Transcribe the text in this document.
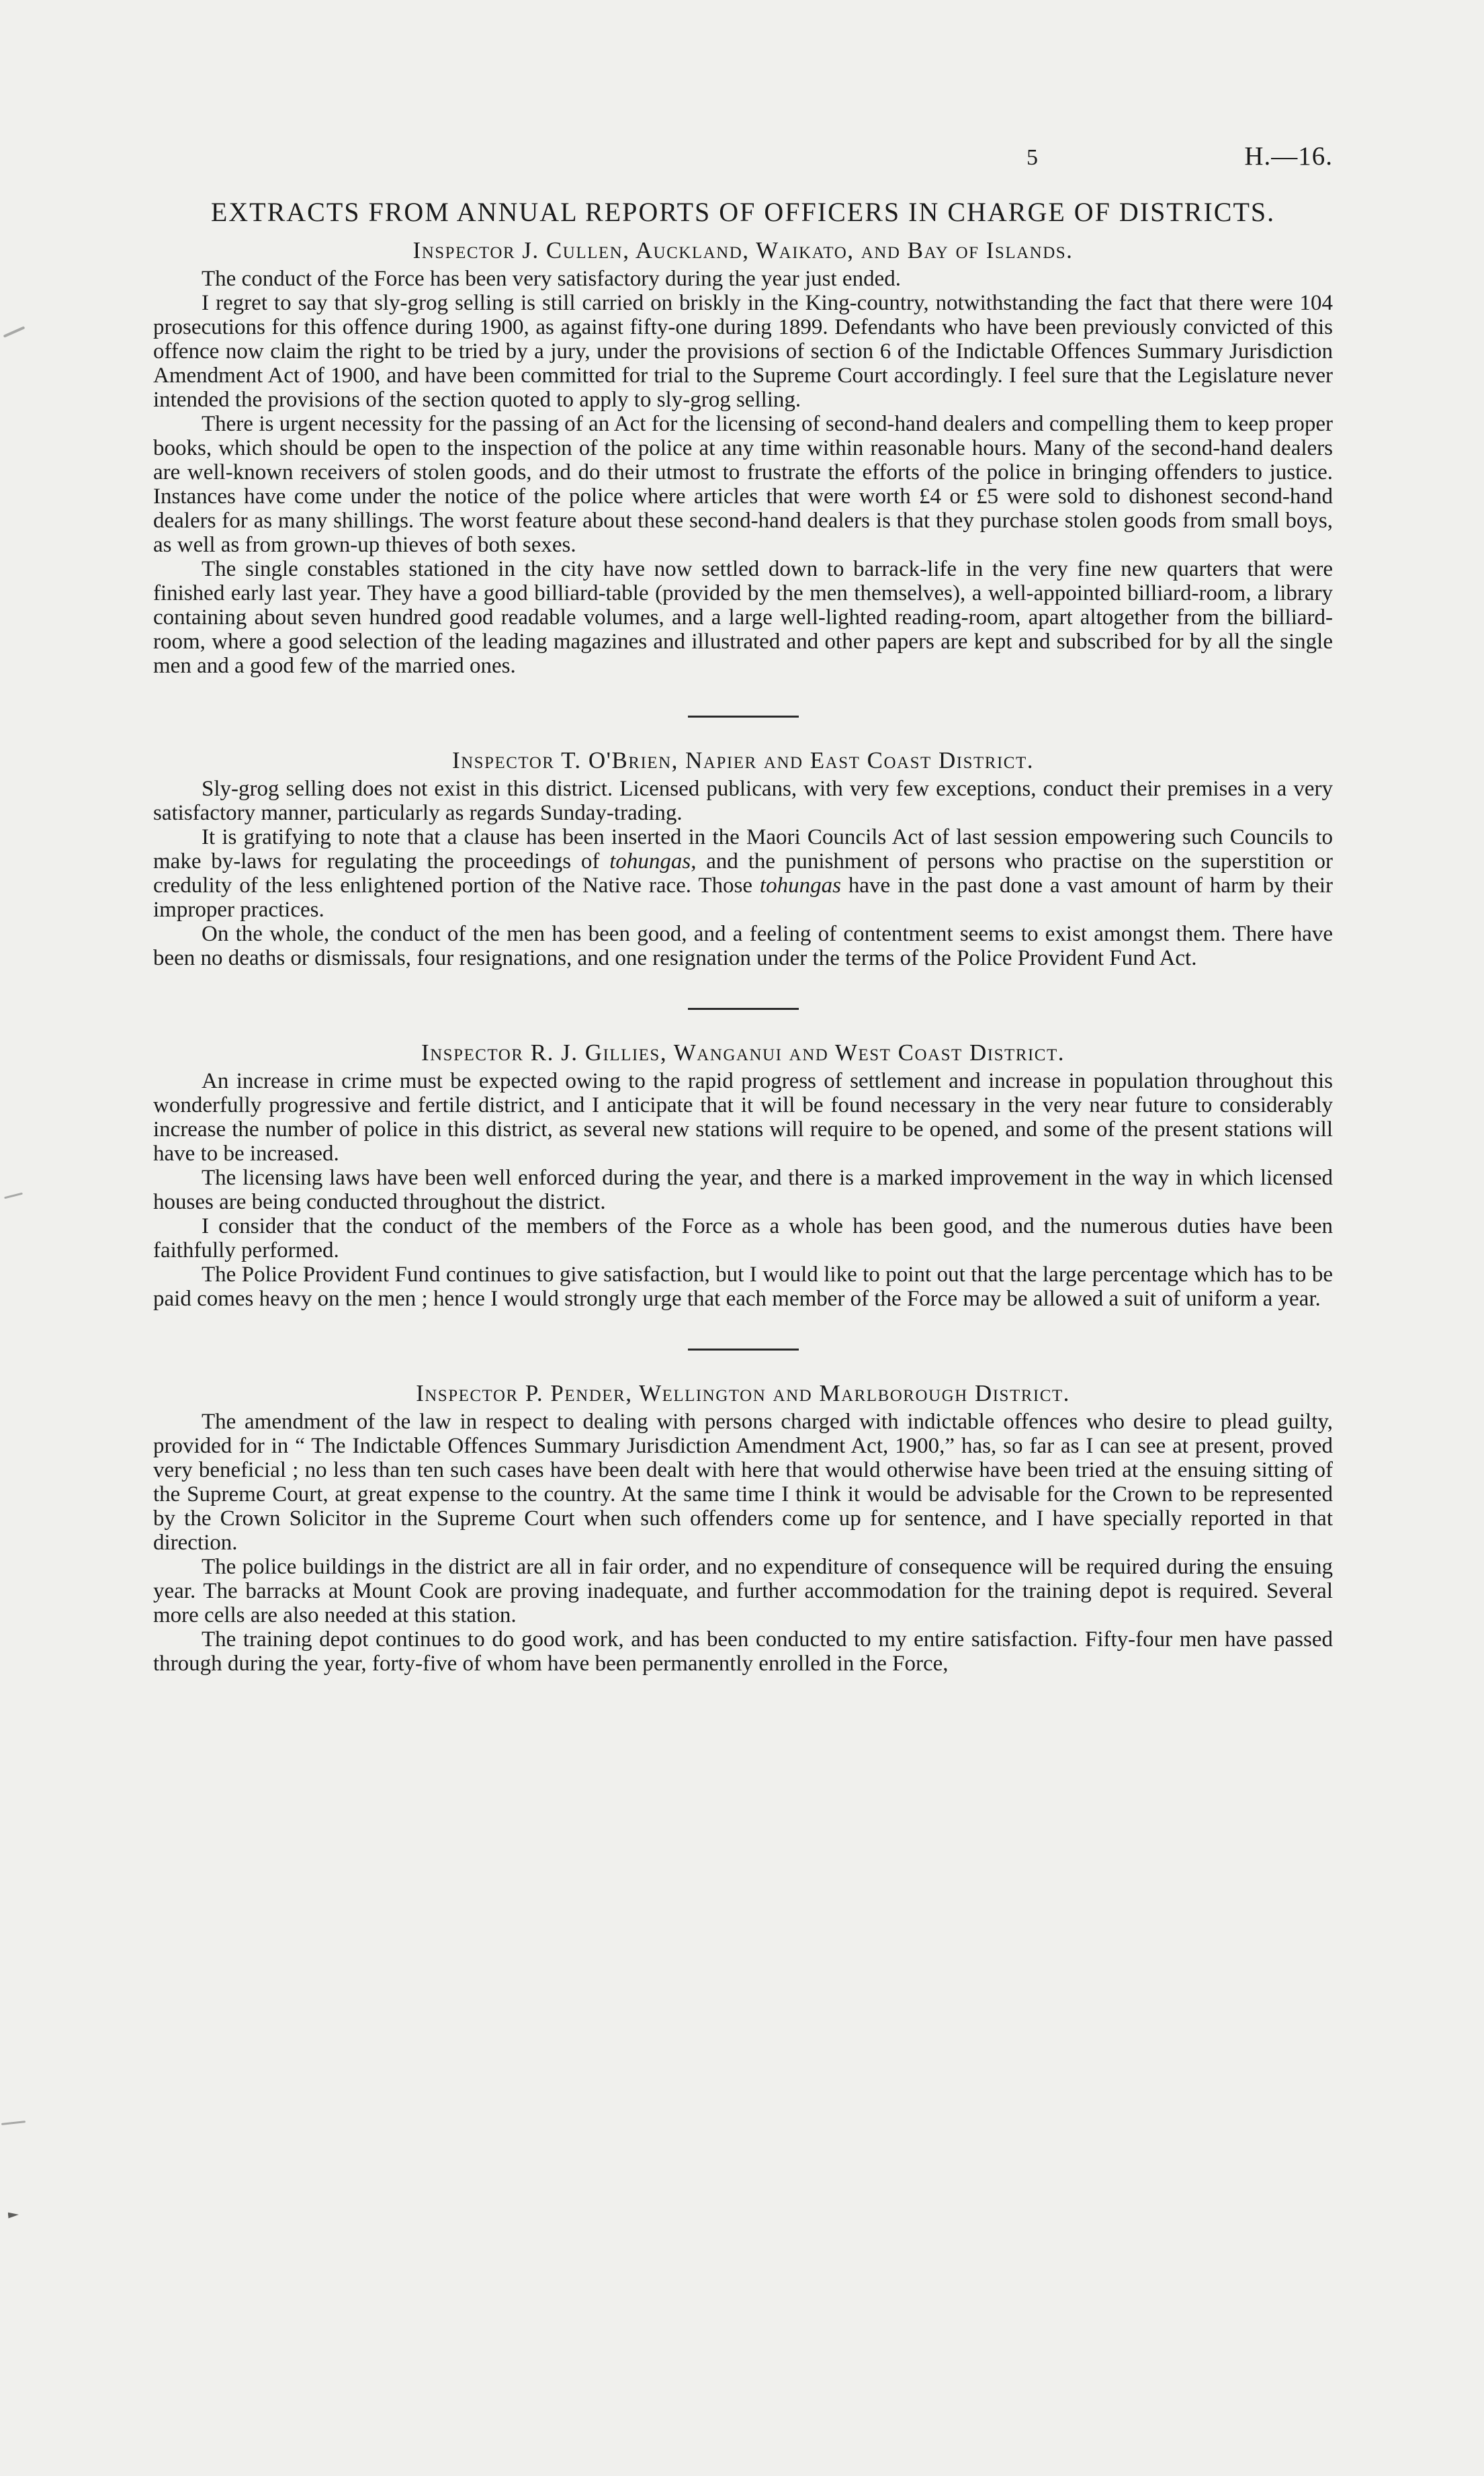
5	H.—16.
EXTRACTS FROM ANNUAL REPORTS OF OFFICERS IN CHARGE OF DISTRICTS.
Inspector J. Cullen, Auckland, Waikato, and Bay of Islands.

The conduct of the Force has been very satisfactory during the year just ended.

I regret to say that sly-grog selling is still carried on briskly in the King-country, notwithstanding the fact that there were 104 prosecutions for this offence during 1900, as against fifty-one during 1899. Defendants who have been previously convicted of this offence now claim the right to be tried by a jury, under the provisions of section 6 of the Indictable Offences Summary Jurisdiction Amendment Act of 1900, and have been committed for trial to the Supreme Court accordingly. I feel sure that the Legislature never intended the provisions of the section quoted to apply to sly-grog selling.

There is urgent necessity for the passing of an Act for the licensing of second-hand dealers and compelling them to keep proper books, which should be open to the inspection of the police at any time within reasonable hours. Many of the second-hand dealers are well-known receivers of stolen goods, and do their utmost to frustrate the efforts of the police in bringing offenders to justice. Instances have come under the notice of the police where articles that were worth £4 or £5 were sold to dishonest second-hand dealers for as many shillings. The worst feature about these second-hand dealers is that they purchase stolen goods from small boys, as well as from grown-up thieves of both sexes.

The single constables stationed in the city have now settled down to barrack-life in the very fine new quarters that were finished early last year. They have a good billiard-table (provided by the men themselves), a well-appointed billiard-room, a library containing about seven hundred good readable volumes, and a large well-lighted reading-room, apart altogether from the billiard-room, where a good selection of the leading magazines and illustrated and other papers are kept and subscribed for by all the single men and a good few of the married ones.

Inspector T. O'Brien, Napier and East Coast District.

Sly-grog selling does not exist in this district. Licensed publicans, with very few exceptions, conduct their premises in a very satisfactory manner, particularly as regards Sunday-trading.

It is gratifying to note that a clause has been inserted in the Maori Councils Act of last session empowering such Councils to make by-laws for regulating the proceedings of tohungas, and the punishment of persons who practise on the superstition or credulity of the less enlightened portion of the Native race. Those tohungas have in the past done a vast amount of harm by their improper practices.

On the whole, the conduct of the men has been good, and a feeling of contentment seems to exist amongst them. There have been no deaths or dismissals, four resignations, and one resignation under the terms of the Police Provident Fund Act.

Inspector R. J. Gillies, Wanganui and West Coast District.

An increase in crime must be expected owing to the rapid progress of settlement and increase in population throughout this wonderfully progressive and fertile district, and I anticipate that it will be found necessary in the very near future to considerably increase the number of police in this district, as several new stations will require to be opened, and some of the present stations will have to be increased.

The licensing laws have been well enforced during the year, and there is a marked improvement in the way in which licensed houses are being conducted throughout the district.

I consider that the conduct of the members of the Force as a whole has been good, and the numerous duties have been faithfully performed.

The Police Provident Fund continues to give satisfaction, but I would like to point out that the large percentage which has to be paid comes heavy on the men ; hence I would strongly urge that each member of the Force may be allowed a suit of uniform a year.

Inspector P. Pender, Wellington and Marlborough District.

The amendment of the law in respect to dealing with persons charged with indictable offences who desire to plead guilty, provided for in “ The Indictable Offences Summary Jurisdiction Amendment Act, 1900,” has, so far as I can see at present, proved very beneficial ; no less than ten such cases have been dealt with here that would otherwise have been tried at the ensuing sitting of the Supreme Court, at great expense to the country. At the same time I think it would be advisable for the Crown to be represented by the Crown Solicitor in the Supreme Court when such offenders come up for sentence, and I have specially reported in that direction.

The police buildings in the district are all in fair order, and no expenditure of consequence will be required during the ensuing year. The barracks at Mount Cook are proving inadequate, and further accommodation for the training depot is required. Several more cells are also needed at this station.

The training depot continues to do good work, and has been conducted to my entire satisfaction. Fifty-four men have passed through during the year, forty-five of whom have been permanently enrolled in the Force,
